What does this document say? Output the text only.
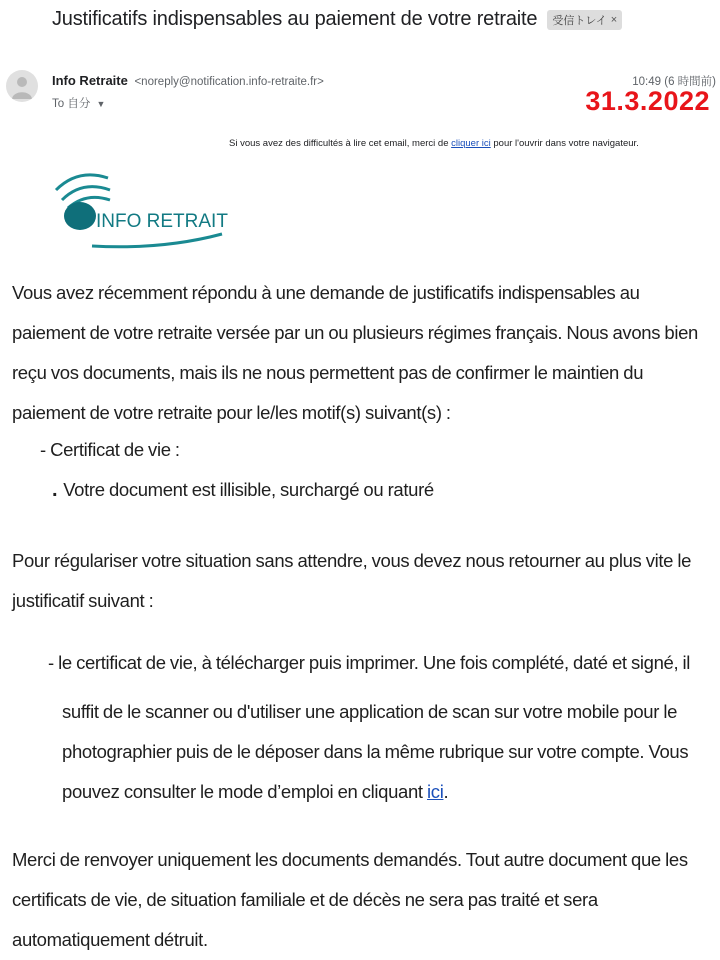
Justificatifs indispensables au paiement de votre retraite 受信トレイ ×
Info Retraite <noreply@notification.info-retraite.fr>
To 自分 ▼
10:49 (6 時間前)
31.3.2022
Si vous avez des difficultés à lire cet email, merci de cliquer ici pour l'ouvrir dans votre navigateur.
INFO RETRAITE
Vous avez récemment répondu à une demande de justificatifs indispensables au paiement de votre retraite versée par un ou plusieurs régimes français. Nous avons bien reçu vos documents, mais ils ne nous permettent pas de confirmer le maintien du paiement de votre retraite pour le/les motif(s) suivant(s) :
- Certificat de vie :
. Votre document est illisible, surchargé ou raturé
Pour régulariser votre situation sans attendre, vous devez nous retourner au plus vite le justificatif suivant :
- le certificat de vie, à télécharger puis imprimer. Une fois complété, daté et signé, il
suffit de le scanner ou d'utiliser une application de scan sur votre mobile pour le photographier puis de le déposer dans la même rubrique sur votre compte. Vous pouvez consulter le mode d’emploi en cliquant ici.
Merci de renvoyer uniquement les documents demandés. Tout autre document que les certificats de vie, de situation familiale et de décès ne sera pas traité et sera automatiquement détruit.
